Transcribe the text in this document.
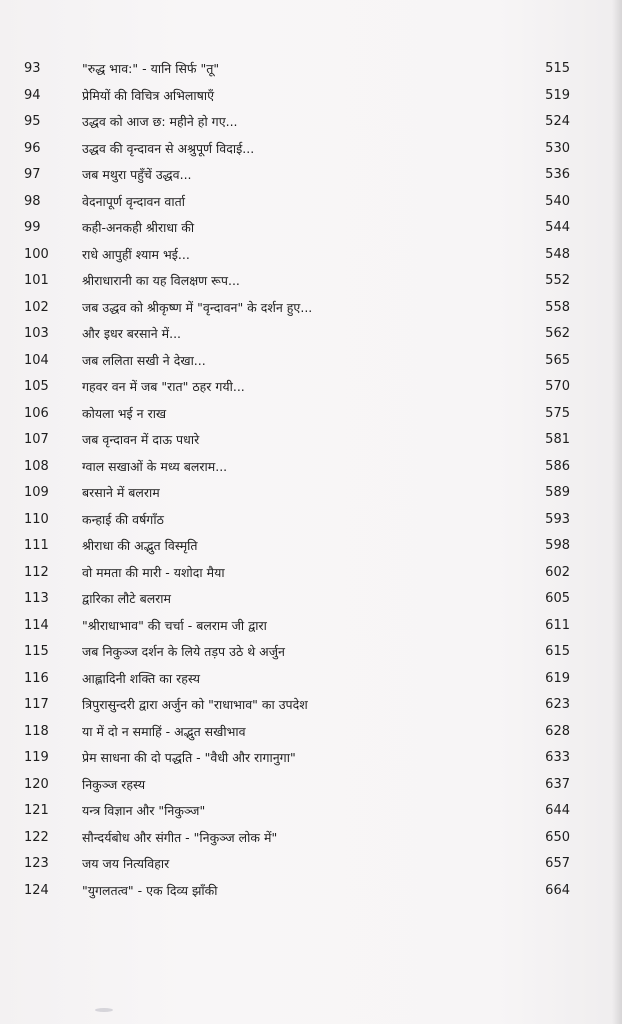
93	"रुद्ध भाव:" - यानि सिर्फ "तू"	515
94	प्रेमियों की विचित्र अभिलाषाएँ	519
95	उद्धव को आज छ: महीने हो गए...	524
96	उद्धव की वृन्दावन से अश्रुपूर्ण विदाई...	530
97	जब मथुरा पहुँचें उद्धव...	536
98	वेदनापूर्ण वृन्दावन वार्ता	540
99	कही-अनकही श्रीराधा की	544
100	राधे आपुहीं श्याम भई...	548
101	श्रीराधारानी का यह विलक्षण रूप...	552
102	जब उद्धव को श्रीकृष्ण में "वृन्दावन" के दर्शन हुए...	558
103	और इधर बरसाने में...	562
104	जब ललिता सखी ने देखा...	565
105	गहवर वन में जब "रात" ठहर गयी...	570
106	कोयला भई न राख	575
107	जब वृन्दावन में दाऊ पधारे	581
108	ग्वाल सखाओं के मध्य बलराम...	586
109	बरसाने में बलराम	589
110	कन्हाई की वर्षगाँठ	593
111	श्रीराधा की अद्भुत विस्मृति	598
112	वो ममता की मारी - यशोदा मैया	602
113	द्वारिका लौटे बलराम	605
114	"श्रीराधाभाव" की चर्चा - बलराम जी द्वारा	611
115	जब निकुञ्ज दर्शन के लिये तड़प उठे थे अर्जुन	615
116	आह्लादिनी शक्ति का रहस्य	619
117	त्रिपुरासुन्दरी द्वारा अर्जुन को "राधाभाव" का उपदेश	623
118	या में दो न समाहिं - अद्भुत सखीभाव	628
119	प्रेम साधना की दो पद्धति - "वैधी और रागानुगा"	633
120	निकुञ्ज रहस्य	637
121	यन्त्र विज्ञान और "निकुञ्ज"	644
122	सौन्दर्यबोध और संगीत - "निकुञ्ज लोक में"	650
123	जय जय नित्यविहार	657
124	"युगलतत्व" - एक दिव्य झाँकी	664
